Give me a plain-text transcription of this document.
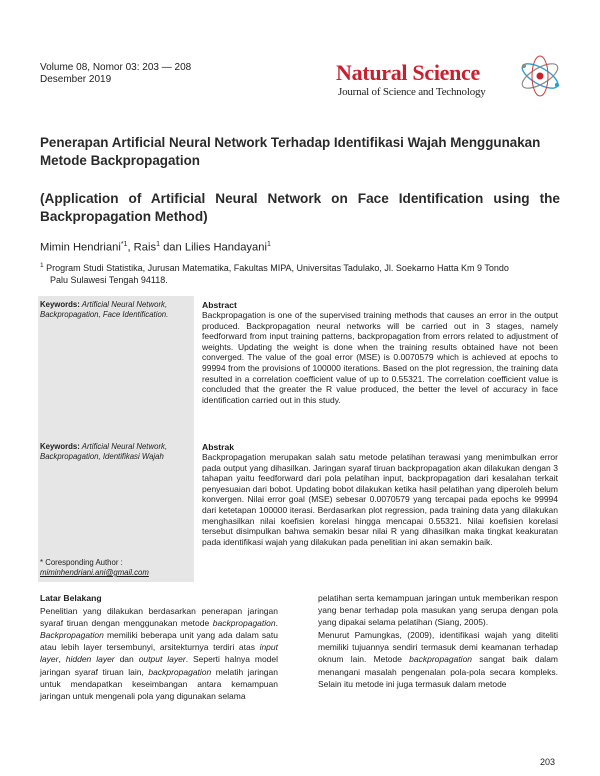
Volume 08, Nomor 03: 203 — 208
Desember 2019	Natural Science
Journal of Science and Technology
Penerapan Artificial Neural Network Terhadap Identifikasi Wajah Menggunakan Metode Backpropagation
(Application of Artificial Neural Network on Face Identification using the Backpropagation Method)
Mimin Hendriani$^{*1}$, Rais$^1$ dan Lilies Handayani$^1$
$^1$ Program Studi Statistika, Jurusan Matematika, Fakultas MIPA, Universitas Tadulako, Jl. Soekarno Hatta Km 9 Tondo
Palu Sulawesi Tengah 94118.
Keywords: Artificial Neural Network, Backpropagation, Face Identification.
Keywords: Artificial Neural Network, Backpropagation, Identifikasi Wajah
* Coresponding Author :
miminhendriani.ani@gmail.com
Abstract
Backpropagation is one of the supervised training methods that causes an error in the output produced. Backpropagation neural networks will be carried out in 3 stages, namely feedforward from input training patterns, backpropagation from errors related to adjustment of weights. Updating the weight is done when the training results obtained have not been converged. The value of the goal error (MSE) is 0.0070579 which is achieved at epochs to 99994 from the provisions of 100000 iterations. Based on the plot regression, the training data resulted in a correlation coefficient value of up to 0.55321. The correlation coefficient value is concluded that the greater the R value produced, the better the level of accuracy in face identification carried out in this study.
Abstrak
Backpropagation merupakan salah satu metode pelatihan terawasi yang menimbulkan error pada output yang dihasilkan. Jaringan syaraf tiruan backpropagation akan dilakukan dengan 3 tahapan yaitu feedforward dari pola pelatihan input, backpropagation dari kesalahan terkait penyesuaian dari bobot. Updating bobot dilakukan ketika hasil pelatihan yang diperoleh belum konvergen. Nilai error goal (MSE) sebesar 0.0070579 yang tercapai pada epochs ke 99994 dari ketetapan 100000 iterasi. Berdasarkan plot regression, pada training data yang dilakukan menghasilkan nilai koefisien korelasi hingga mencapai 0.55321. Nilai koefisien korelasi tersebut disimpulkan bahwa semakin besar nilai R yang dihasilkan maka tingkat keakuratan pada identifikasi wajah yang dilakukan pada penelitian ini akan semakin baik.
Latar Belakang

Penelitian yang dilakukan berdasarkan penerapan jaringan syaraf tiruan dengan menggunakan metode backpropagation. Backpropagation memiliki beberapa unit yang ada dalam satu atau lebih layer tersembunyi, arsitekturnya terdiri atas input layer, hidden layer dan output layer. Seperti halnya model jaringan syaraf tiruan lain, backpropagation melatih jaringan untuk mendapatkan keseimbangan antara kemampuan jaringan untuk mengenali pola yang digunakan selama

pelatihan serta kemampuan jaringan untuk memberikan respon yang benar terhadap pola masukan yang serupa dengan pola yang dipakai selama pelatihan (Siang, 2005).

Menurut Pamungkas, (2009), identifikasi wajah yang diteliti memiliki tujuannya sendiri termasuk demi keamanan terhadap oknum lain. Metode backpropagation sangat baik dalam menangani masalah pengenalan pola-pola secara kompleks. Selain itu metode ini juga termasuk dalam metode

203
